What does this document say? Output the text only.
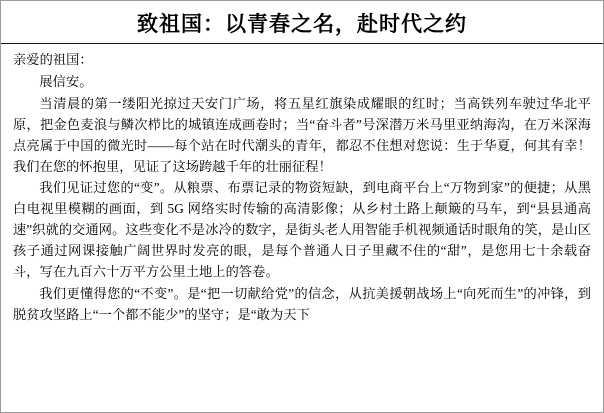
致祖国：以青春之名，赴时代之约

亲爱的祖国：

展信安。

当清晨的第一缕阳光掠过天安门广场，将五星红旗染成耀眼的红时；当高铁列车驶过华北平原，把金色麦浪与鳞次栉比的城镇连成画卷时；当“奋斗者”号深潜万米马里亚纳海沟，在万米深海点亮属于中国的微光时——每个站在时代潮头的青年，都忍不住想对您说：生于华夏，何其有幸！我们在您的怀抱里，见证了这场跨越千年的壮丽征程！

我们见证过您的“变”。从粮票、布票记录的物资短缺，到电商平台上“万物到家”的便捷；从黑白电视里模糊的画面，到 5G 网络实时传输的高清影像；从乡村土路上颠簸的马车，到“县县通高速”织就的交通网。这些变化不是冰冷的数字，是街头老人用智能手机视频通话时眼角的笑，是山区孩子通过网课接触广阔世界时发亮的眼，是每个普通人日子里藏不住的“甜”，是您用七十余载奋斗，写在九百六十万平方公里土地上的答卷。

我们更懂得您的“不变”。是“把一切献给党”的信念，从抗美援朝战场上“向死而生”的冲锋，到脱贫攻坚路上“一个都不能少”的坚守；是“敢为天下
